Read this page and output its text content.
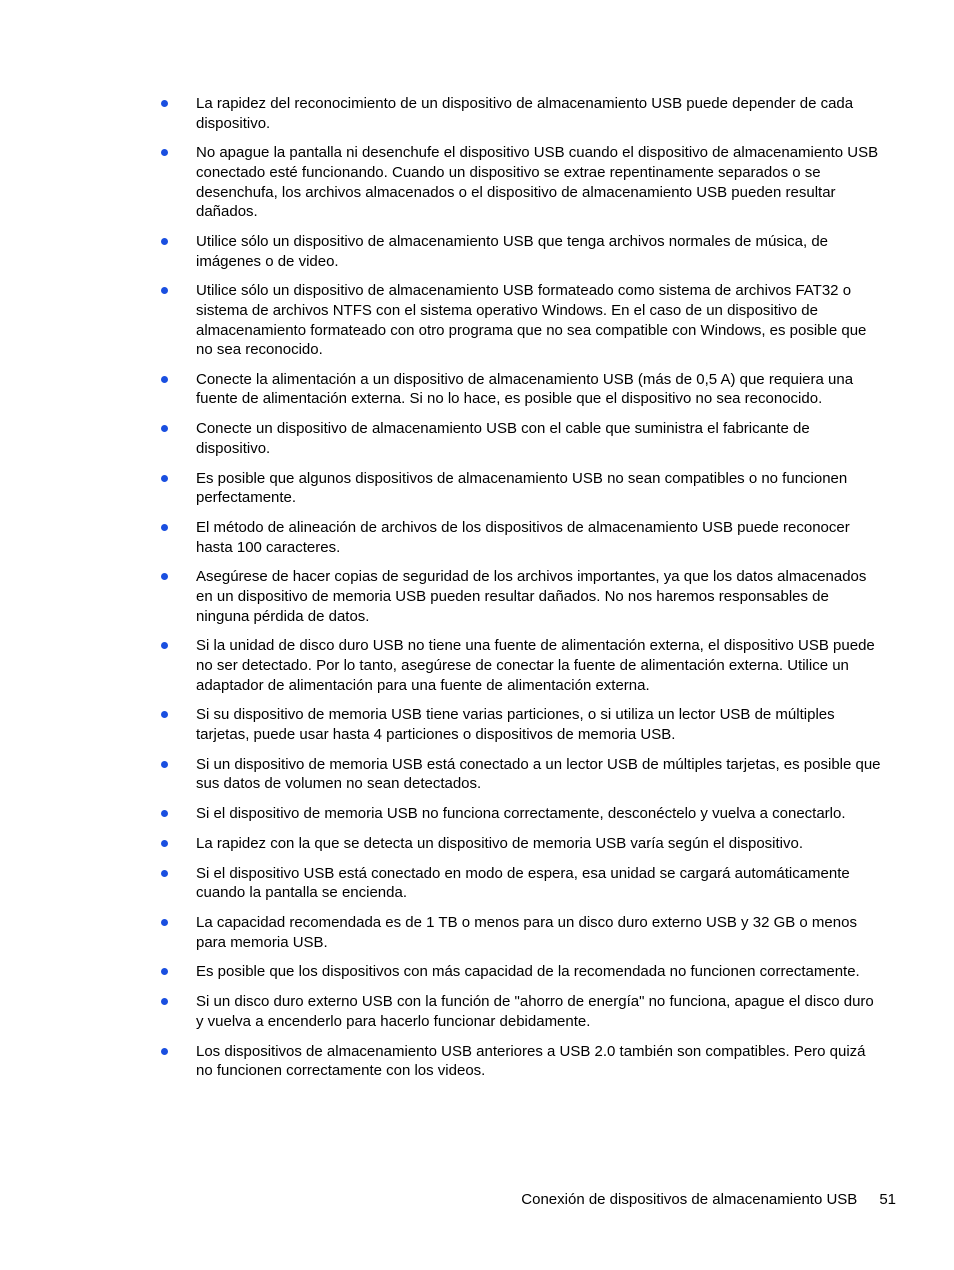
La rapidez del reconocimiento de un dispositivo de almacenamiento USB puede depender de cada dispositivo.
No apague la pantalla ni desenchufe el dispositivo USB cuando el dispositivo de almacenamiento USB conectado esté funcionando. Cuando un dispositivo se extrae repentinamente separados o se desenchufa, los archivos almacenados o el dispositivo de almacenamiento USB pueden resultar dañados.
Utilice sólo un dispositivo de almacenamiento USB que tenga archivos normales de música, de imágenes o de video.
Utilice sólo un dispositivo de almacenamiento USB formateado como sistema de archivos FAT32 o sistema de archivos NTFS con el sistema operativo Windows. En el caso de un dispositivo de almacenamiento formateado con otro programa que no sea compatible con Windows, es posible que no sea reconocido.
Conecte la alimentación a un dispositivo de almacenamiento USB (más de 0,5 A) que requiera una fuente de alimentación externa. Si no lo hace, es posible que el dispositivo no sea reconocido.
Conecte un dispositivo de almacenamiento USB con el cable que suministra el fabricante de dispositivo.
Es posible que algunos dispositivos de almacenamiento USB no sean compatibles o no funcionen perfectamente.
El método de alineación de archivos de los dispositivos de almacenamiento USB puede reconocer hasta 100 caracteres.
Asegúrese de hacer copias de seguridad de los archivos importantes, ya que los datos almacenados en un dispositivo de memoria USB pueden resultar dañados. No nos haremos responsables de ninguna pérdida de datos.
Si la unidad de disco duro USB no tiene una fuente de alimentación externa, el dispositivo USB puede no ser detectado. Por lo tanto, asegúrese de conectar la fuente de alimentación externa. Utilice un adaptador de alimentación para una fuente de alimentación externa.
Si su dispositivo de memoria USB tiene varias particiones, o si utiliza un lector USB de múltiples tarjetas, puede usar hasta 4 particiones o dispositivos de memoria USB.
Si un dispositivo de memoria USB está conectado a un lector USB de múltiples tarjetas, es posible que sus datos de volumen no sean detectados.
Si el dispositivo de memoria USB no funciona correctamente, desconéctelo y vuelva a conectarlo.
La rapidez con la que se detecta un dispositivo de memoria USB varía según el dispositivo.
Si el dispositivo USB está conectado en modo de espera, esa unidad se cargará automáticamente cuando la pantalla se encienda.
La capacidad recomendada es de 1 TB o menos para un disco duro externo USB y 32 GB o menos para memoria USB.
Es posible que los dispositivos con más capacidad de la recomendada no funcionen correctamente.
Si un disco duro externo USB con la función de "ahorro de energía" no funciona, apague el disco duro y vuelva a encenderlo para hacerlo funcionar debidamente.
Los dispositivos de almacenamiento USB anteriores a USB 2.0 también son compatibles. Pero quizá no funcionen correctamente con los videos.
Conexión de dispositivos de almacenamiento USB 51
